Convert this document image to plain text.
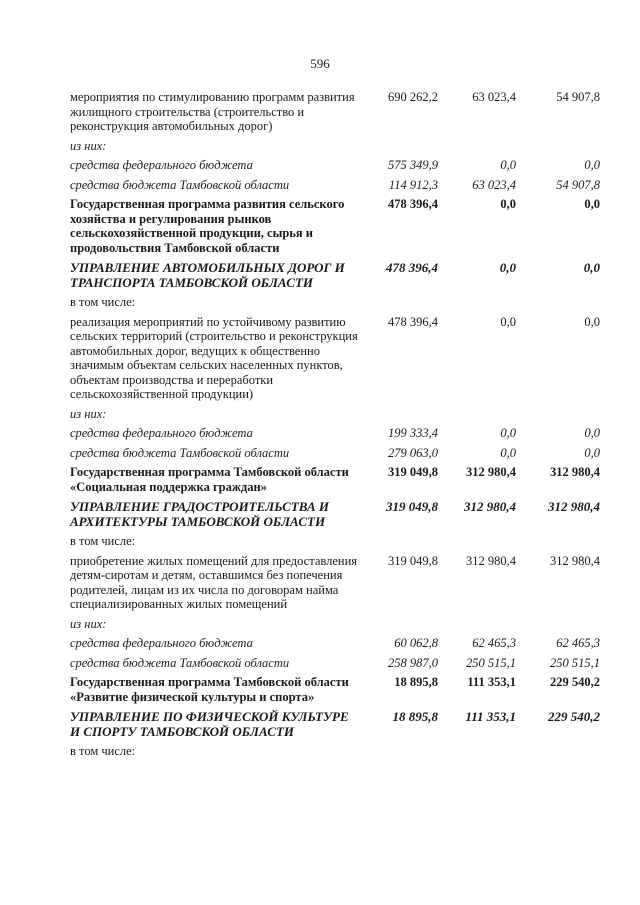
596
мероприятия по стимулированию программ развития жилищного строительства (строительство и реконструкция автомобильных дорог)
690 262,2	63 023,4	54 907,8
из них:
средства федерального бюджета	575 349,9	0,0	0,0
средства бюджета Тамбовской области	114 912,3	63 023,4	54 907,8
Государственная программа развития сельского хозяйства и регулирования рынков сельскохозяйственной продукции, сырья и продовольствия Тамбовской области
478 396,4	0,0	0,0
УПРАВЛЕНИЕ АВТОМОБИЛЬНЫХ ДОРОГ И ТРАНСПОРТА ТАМБОВСКОЙ ОБЛАСТИ
478 396,4	0,0	0,0
в том числе:
реализация мероприятий по устойчивому развитию сельских территорий (строительство и реконструкция автомобильных дорог, ведущих к общественно значимым объектам сельских населенных пунктов, объектам производства и переработки сельскохозяйственной продукции)
478 396,4	0,0	0,0
из них:
средства федерального бюджета	199 333,4	0,0	0,0
средства бюджета Тамбовской области	279 063,0	0,0	0,0
Государственная программа Тамбовской области «Социальная поддержка граждан»
319 049,8	312 980,4	312 980,4
УПРАВЛЕНИЕ ГРАДОСТРОИТЕЛЬСТВА И АРХИТЕКТУРЫ ТАМБОВСКОЙ ОБЛАСТИ
319 049,8	312 980,4	312 980,4
в том числе:
приобретение жилых помещений для предоставления детям-сиротам и детям, оставшимся без попечения родителей, лицам из их числа по договорам найма специализированных жилых помещений
319 049,8	312 980,4	312 980,4
из них:
средства федерального бюджета	60 062,8	62 465,3	62 465,3
средства бюджета Тамбовской области	258 987,0	250 515,1	250 515,1
Государственная программа Тамбовской области «Развитие физической культуры и спорта»
18 895,8	111 353,1	229 540,2
УПРАВЛЕНИЕ ПО ФИЗИЧЕСКОЙ КУЛЬТУРЕ И СПОРТУ ТАМБОВСКОЙ ОБЛАСТИ
18 895,8	111 353,1	229 540,2
в том числе:
